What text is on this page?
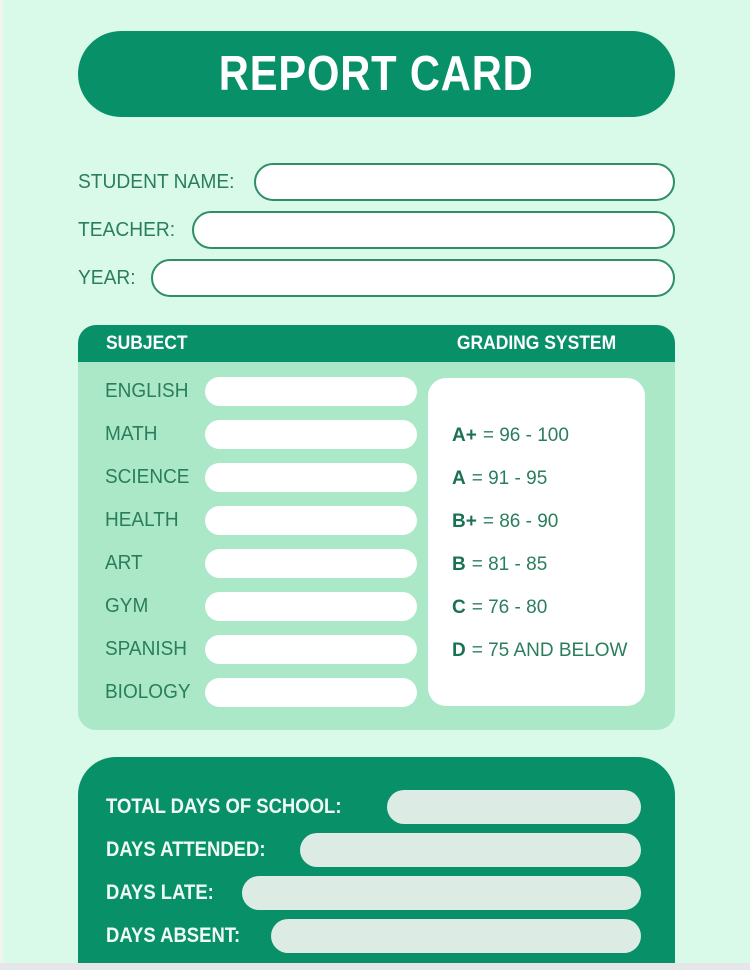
REPORT CARD
STUDENT NAME:
TEACHER:
YEAR:
SUBJECT	GRADING SYSTEM
ENGLISH
MATH
SCIENCE
HEALTH
ART
GYM
SPANISH
BIOLOGY
A+ = 96 - 100
A = 91 - 95
B+ = 86 - 90
B = 81 - 85
C = 76 - 80
D = 75 AND BELOW
TOTAL DAYS OF SCHOOL:
DAYS ATTENDED:
DAYS LATE:
DAYS ABSENT:
